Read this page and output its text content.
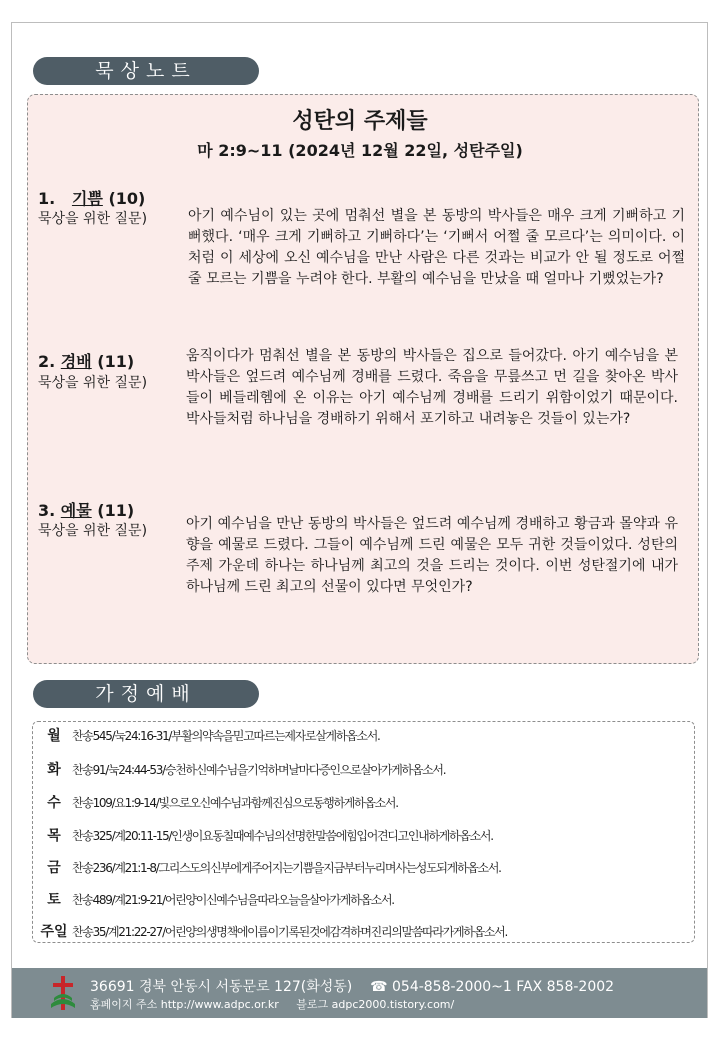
묵상노트
성탄의 주제들
마 2:9~11 (2024년 12월 22일, 성탄주일)
1. 기쁨 (10)
묵상을 위한 질문)	아기 예수님이 있는 곳에 멈춰선 별을 본 동방의 박사들은 매우 크게 기뻐하고 기뻐했다. ‘매우 크게 기뻐하고 기뻐하다’는 ‘기뻐서 어쩔 줄 모르다’는 의미이다. 이처럼 이 세상에 오신 예수님을 만난 사람은 다른 것과는 비교가 안 될 정도로 어쩔 줄 모르는 기쁨을 누려야 한다. 부활의 예수님을 만났을 때 얼마나 기뻤었는가?
2. 경배 (11)
묵상을 위한 질문)
움직이다가 멈춰선 별을 본 동방의 박사들은 집으로 들어갔다. 아기 예수님을 본 박사들은 엎드려 예수님께 경배를 드렸다. 죽음을 무릎쓰고 먼 길을 찾아온 박사들이 베들레헴에 온 이유는 아기 예수님께 경배를 드리기 위함이었기 때문이다. 박사들처럼 하나님을 경배하기 위해서 포기하고 내려놓은 것들이 있는가?
3. 예물 (11)
묵상을 위한 질문)	아기 예수님을 만난 동방의 박사들은 엎드려 예수님께 경배하고 황금과 몰약과 유향을 예물로 드렸다. 그들이 예수님께 드린 예물은 모두 귀한 것들이었다. 성탄의 주제 가운데 하나는 하나님께 최고의 것을 드리는 것이다. 이번 성탄절기에 내가 하나님께 드린 최고의 선물이 있다면 무엇인가?
가정예배
월 찬송545/눅24:16-31/부활의약속을믿고따르는제자로살게하옵소서.
화 찬송91/눅24:44-53/승천하신예수님을기억하며날마다증인으로살아가게하옵소서.
수 찬송109/요1:9-14/빛으로오신예수님과함께진심으로동행하게하옵소서.
목 찬송325/계20:11-15/인생이요동칠때예수님의선명한말씀에힘입어견디고인내하게하옵소서.
금 찬송236/계21:1-8/그리스도의신부에게주어지는기쁨을지금부터누리며사는성도되게하옵소서.
토 찬송489/계21:9-21/어린양이신예수님을따라오늘을살아가게하옵소서.
주일 찬송35/계21:22-27/어린양의생명책에이름이기록된것에감격하며진리의말씀따라가게하옵소서.
36691 경북 안동시 서동문로 127(화성동) ☎ 054-858-2000~1 FAX 858-2002
홈페이지 주소 http://www.adpc.or.kr 블로그 adpc2000.tistory.com/
